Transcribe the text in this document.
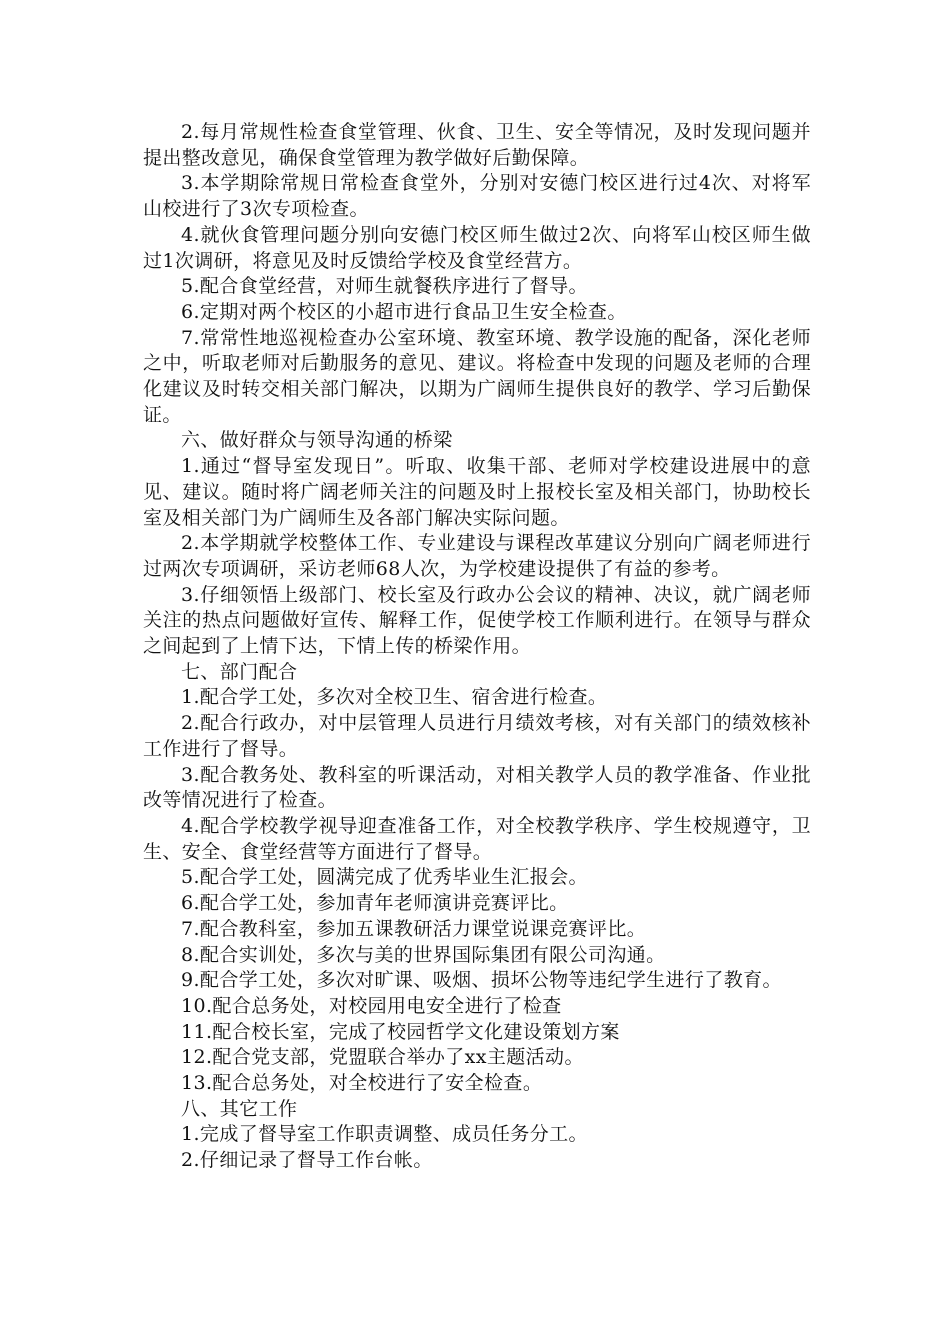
2.每月常规性检查食堂管理、伙食、卫生、安全等情况，及时发现问题并提出整改意见，确保食堂管理为教学做好后勤保障。

3.本学期除常规日常检查食堂外，分别对安德门校区进行过4次、对将军山校进行了3次专项检查。

4.就伙食管理问题分别向安德门校区师生做过2次、向将军山校区师生做过1次调研，将意见及时反馈给学校及食堂经营方。

5.配合食堂经营，对师生就餐秩序进行了督导。

6.定期对两个校区的小超市进行食品卫生安全检查。

7.常常性地巡视检查办公室环境、教室环境、教学设施的配备，深化老师之中，听取老师对后勤服务的意见、建议。将检查中发现的问题及老师的合理化建议及时转交相关部门解决，以期为广阔师生提供良好的教学、学习后勤保证。

六、做好群众与领导沟通的桥梁

1.通过“督导室发现日”。听取、收集干部、老师对学校建设进展中的意见、建议。随时将广阔老师关注的问题及时上报校长室及相关部门，协助校长室及相关部门为广阔师生及各部门解决实际问题。

2.本学期就学校整体工作、专业建设与课程改革建议分别向广阔老师进行过两次专项调研，采访老师68人次，为学校建设提供了有益的参考。

3.仔细领悟上级部门、校长室及行政办公会议的精神、决议，就广阔老师关注的热点问题做好宣传、解释工作，促使学校工作顺利进行。在领导与群众之间起到了上情下达，下情上传的桥梁作用。

七、部门配合

1.配合学工处，多次对全校卫生、宿舍进行检查。

2.配合行政办，对中层管理人员进行月绩效考核，对有关部门的绩效核补工作进行了督导。

3.配合教务处、教科室的听课活动，对相关教学人员的教学准备、作业批改等情况进行了检查。

4.配合学校教学视导迎查准备工作，对全校教学秩序、学生校规遵守，卫生、安全、食堂经营等方面进行了督导。

5.配合学工处，圆满完成了优秀毕业生汇报会。

6.配合学工处，参加青年老师演讲竞赛评比。

7.配合教科室，参加五课教研活力课堂说课竞赛评比。

8.配合实训处，多次与美的世界国际集团有限公司沟通。

9.配合学工处，多次对旷课、吸烟、损坏公物等违纪学生进行了教育。

10.配合总务处，对校园用电安全进行了检查

11.配合校长室，完成了校园哲学文化建设策划方案

12.配合党支部，党盟联合举办了xx主题活动。

13.配合总务处，对全校进行了安全检查。

八、其它工作

1.完成了督导室工作职责调整、成员任务分工。

2.仔细记录了督导工作台帐。
